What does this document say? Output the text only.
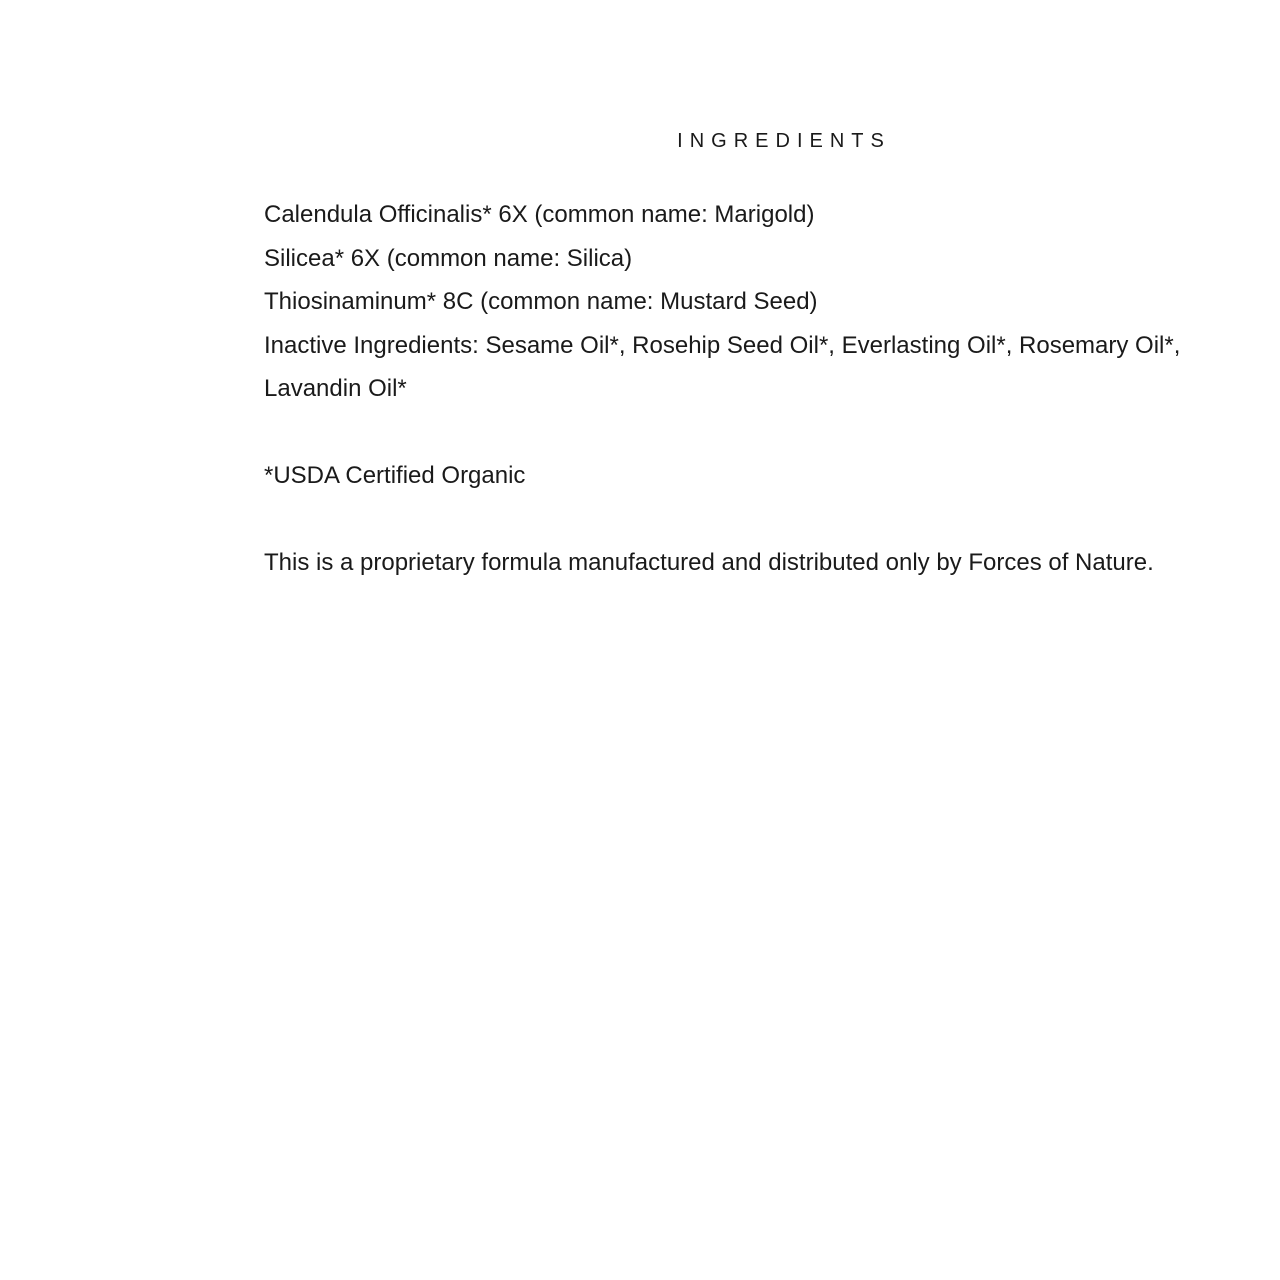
INGREDIENTS
Calendula Officinalis* 6X (common name: Marigold)
Silicea* 6X (common name: Silica)
Thiosinaminum* 8C (common name: Mustard Seed)
Inactive Ingredients: Sesame Oil*, Rosehip Seed Oil*, Everlasting Oil*, Rosemary Oil*, Lavandin Oil*

*USDA Certified Organic

This is a proprietary formula manufactured and distributed only by Forces of Nature.
